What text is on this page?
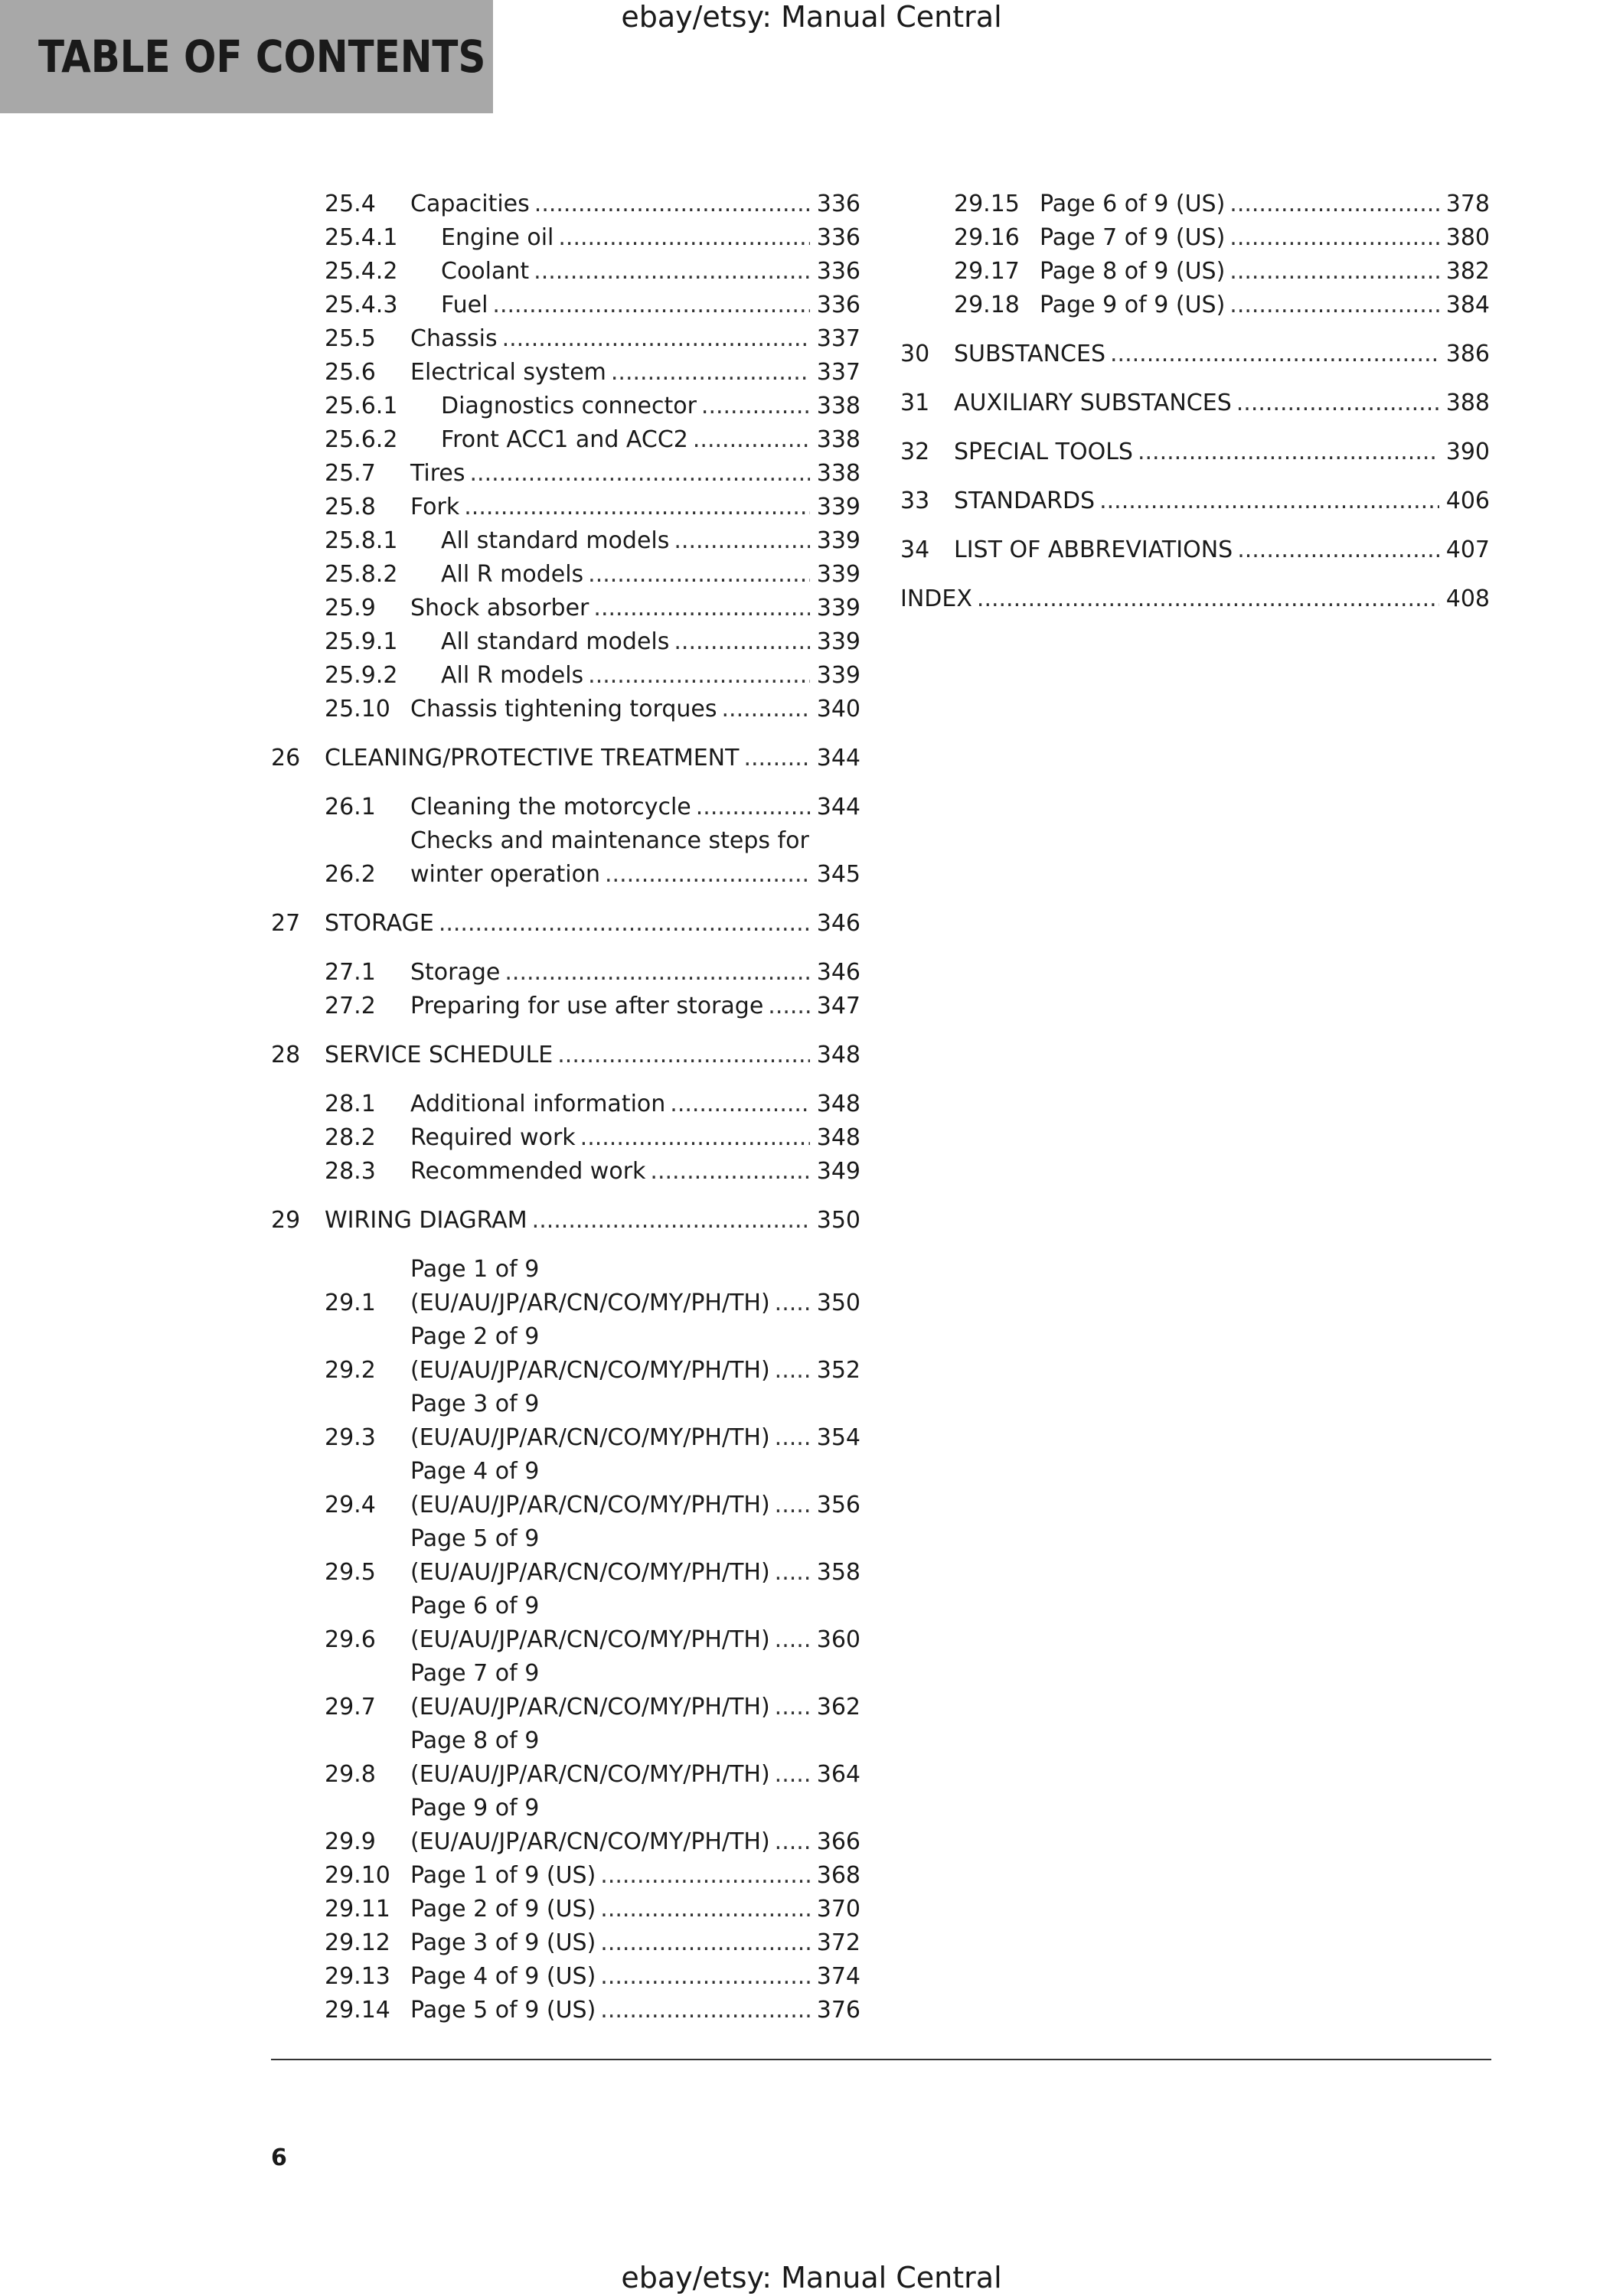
TABLE OF CONTENTS
ebay/etsy: Manual Central
25.4	Capacities .....	336
25.4.1	Engine oil .....	336
25.4.2	Coolant .....	336
25.4.3	Fuel .....	336
25.5	Chassis .....	337
25.6	Electrical system .....	337
25.6.1	Diagnostics connector .....	338
25.6.2	Front ACC1 and ACC2 .....	338
25.7	Tires .....	338
25.8	Fork .....	339
25.8.1	All standard models .....	339
25.8.2	All R models .....	339
25.9	Shock absorber .....	339
25.9.1	All standard models .....	339
25.9.2	All R models .....	339
25.10 Chassis tightening torques .....	340
26	CLEANING/PROTECTIVE TREATMENT .....	344
26.1	Cleaning the motorcycle .....	344
26.2
Checks and maintenance steps for
winter operation .....	345
27	STORAGE .....	346
27.1	Storage .....	346
27.2	Preparing for use after storage ..... 347
28	SERVICE SCHEDULE .....	348
28.1	Additional information .....	348
28.2	Required work .....	348
28.3	Recommended work .....	349
29	WIRING DIAGRAM .....	350
29.1
Page 1 of 9
(EU/AU/JP/AR/CN/CO/MY/PH/TH) ..... 350
29.2
Page 2 of 9
(EU/AU/JP/AR/CN/CO/MY/PH/TH) ..... 352
29.3
Page 3 of 9
(EU/AU/JP/AR/CN/CO/MY/PH/TH) ..... 354
29.4
Page 4 of 9
(EU/AU/JP/AR/CN/CO/MY/PH/TH) ..... 356
29.5
Page 5 of 9
(EU/AU/JP/AR/CN/CO/MY/PH/TH) ..... 358
29.6
Page 6 of 9
(EU/AU/JP/AR/CN/CO/MY/PH/TH) ..... 360
29.7
Page 7 of 9
(EU/AU/JP/AR/CN/CO/MY/PH/TH) ..... 362
29.8
Page 8 of 9
(EU/AU/JP/AR/CN/CO/MY/PH/TH) ..... 364
29.9
Page 9 of 9
(EU/AU/JP/AR/CN/CO/MY/PH/TH) ..... 366
29.10 Page 1 of 9 (US) .....	368
29.11 Page 2 of 9 (US) .....	370
29.12 Page 3 of 9 (US) .....	372
29.13 Page 4 of 9 (US) .....	374
29.14 Page 5 of 9 (US) .....	376
29.15 Page 6 of 9 (US) .....	378
29.16 Page 7 of 9 (US) .....	380
29.17 Page 8 of 9 (US) .....	382
29.18 Page 9 of 9 (US) .....	384
30	SUBSTANCES .....	386
31	AUXILIARY SUBSTANCES .....	388
32	SPECIAL TOOLS .....	390
33	STANDARDS .....	406
34	LIST OF ABBREVIATIONS .....	407
INDEX .....	408
6
ebay/etsy: Manual Central
